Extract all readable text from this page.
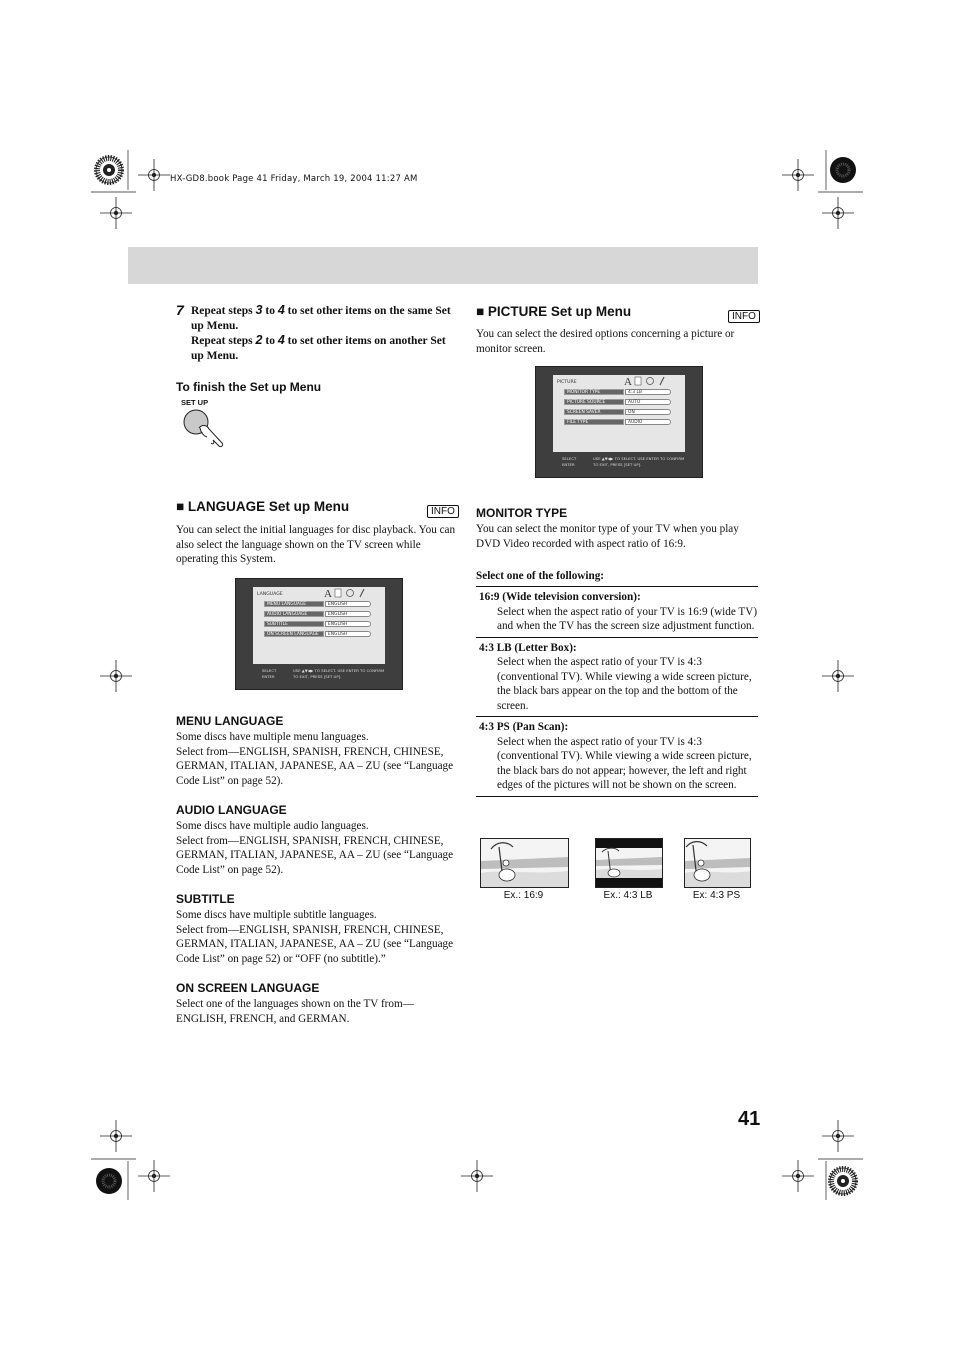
HX-GD8.book Page 41 Friday, March 19, 2004 11:27 AM
7 Repeat steps 3 to 4 to set other items on the same Set up Menu.

Repeat steps 2 to 4 to set other items on another Set up Menu.

To finish the Set up Menu
SET UP
■ LANGUAGE Set up Menu	INFO
You can select the initial languages for disc playback. You can also select the language shown on the TV screen while operating this System.
LANGUAGE	A
MENU LANGUAGE	ENGLISH
AUDIO LANGUAGE	ENGLISH
SUBTITLE	ENGLISH
ON SCREEN LANGUAGE	ENGLISH
SELECT
ENTER
USE ▲▼◀▶ TO SELECT. USE ENTER TO CONFIRM
TO EXIT, PRESS [SET UP].
MENU LANGUAGE
Some discs have multiple menu languages.
Select from—ENGLISH, SPANISH, FRENCH, CHINESE, GERMAN, ITALIAN, JAPANESE, AA – ZU (see “Language Code List” on page 52).
AUDIO LANGUAGE
Some discs have multiple audio languages.
Select from—ENGLISH, SPANISH, FRENCH, CHINESE, GERMAN, ITALIAN, JAPANESE, AA – ZU (see “Language Code List” on page 52).
SUBTITLE
Some discs have multiple subtitle languages.
Select from—ENGLISH, SPANISH, FRENCH, CHINESE, GERMAN, ITALIAN, JAPANESE, AA – ZU (see “Language Code List” on page 52) or “OFF (no subtitle).”
ON SCREEN LANGUAGE
Select one of the languages shown on the TV from—ENGLISH, FRENCH, and GERMAN.
■ PICTURE Set up Menu	INFO
You can select the desired options concerning a picture or monitor screen.
PICTURE	A
MONITOR TYPE	4:3 LB
PICTURE SOURCE	AUTO
SCREEN SAVER	ON
FILE TYPE	AUDIO
SELECT
ENTER
USE ▲▼◀▶ TO SELECT. USE ENTER TO CONFIRM
TO EXIT, PRESS [SET UP].
MONITOR TYPE
You can select the monitor type of your TV when you play DVD Video recorded with aspect ratio of 16:9.
Select one of the following:
16:9 (Wide television conversion):
Select when the aspect ratio of your TV is 16:9 (wide TV) and when the TV has the screen size adjustment function.
4:3 LB (Letter Box):
Select when the aspect ratio of your TV is 4:3 (conventional TV). While viewing a wide screen picture, the black bars appear on the top and the bottom of the screen.
4:3 PS (Pan Scan):
Select when the aspect ratio of your TV is 4:3 (conventional TV). While viewing a wide screen picture, the black bars do not appear; however, the left and right edges of the pictures will not be shown on the screen.
Ex.: 16:9	Ex.: 4:3 LB	Ex: 4:3 PS
41
